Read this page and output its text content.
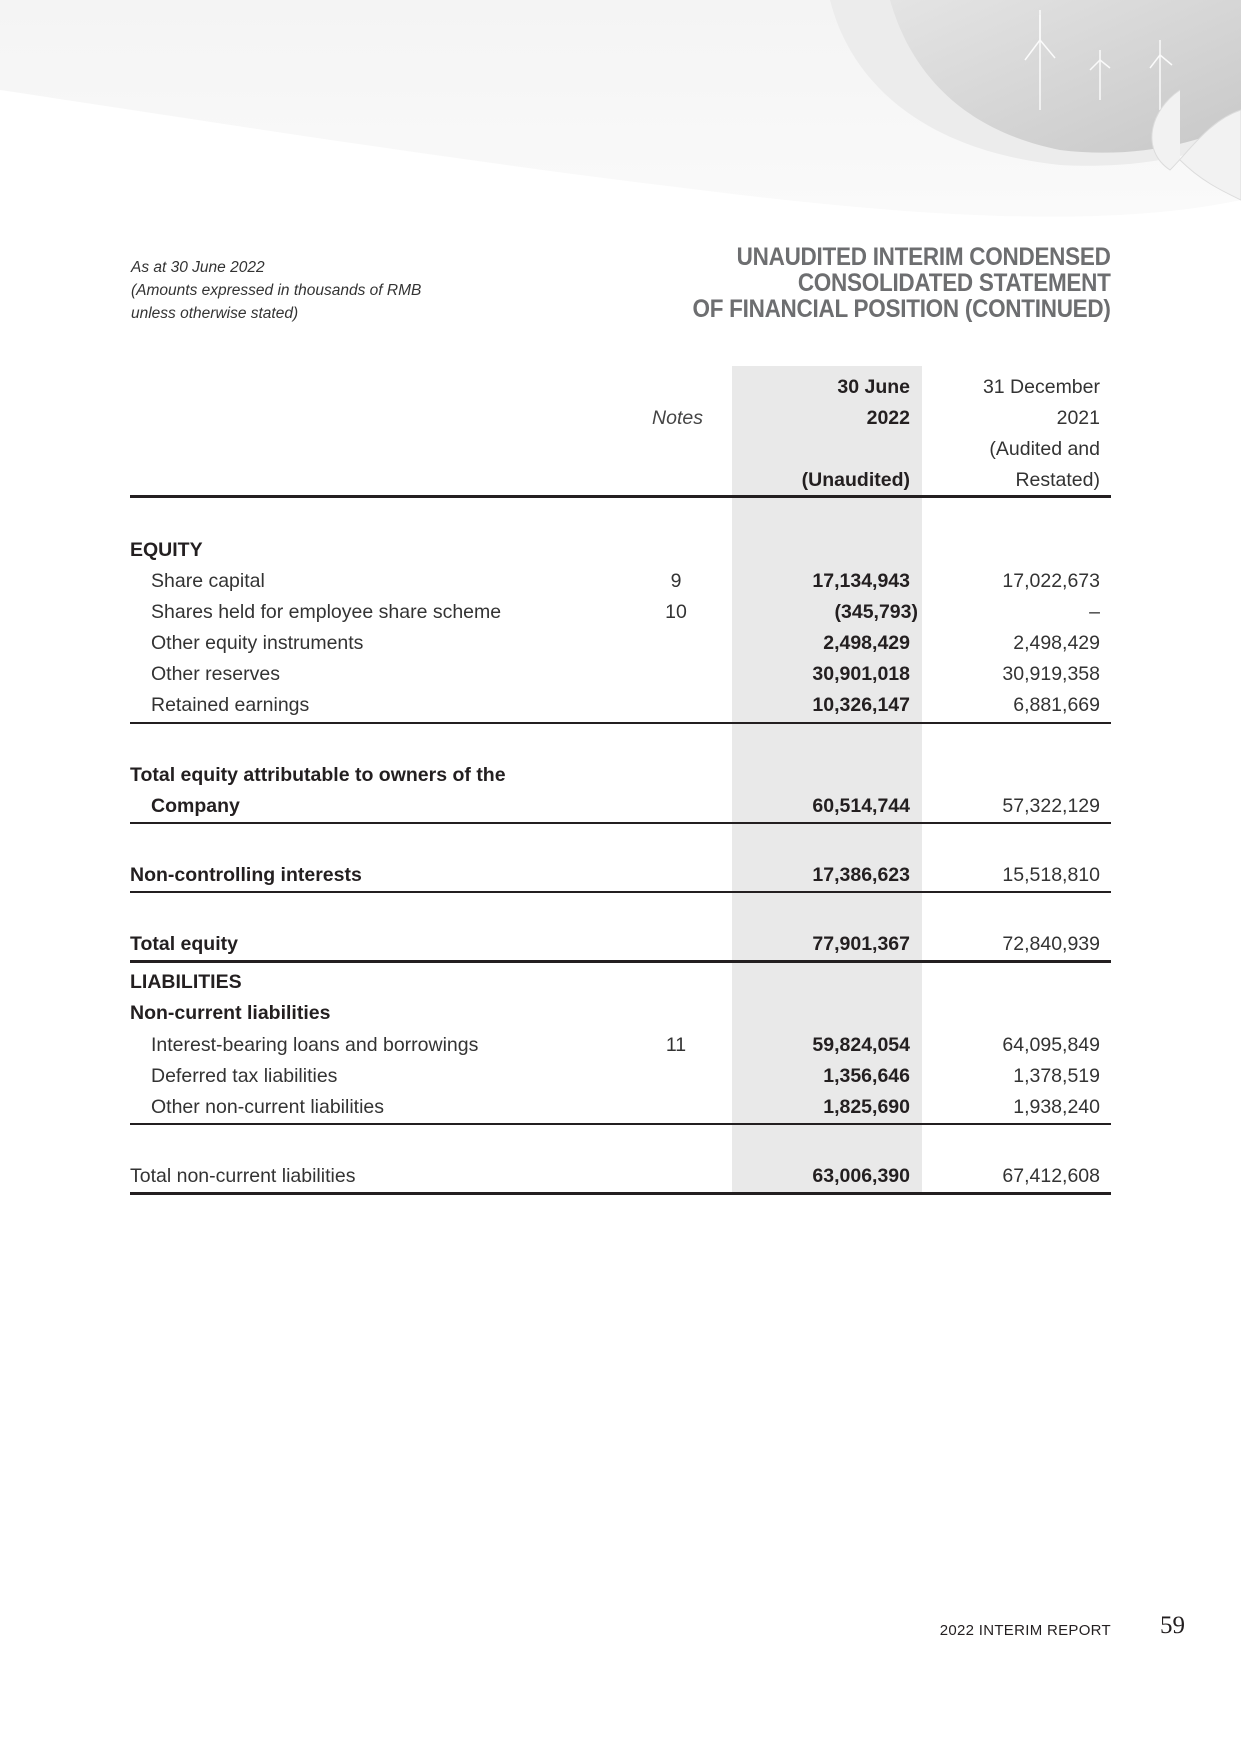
As at 30 June 2022
(Amounts expressed in thousands of RMB
unless otherwise stated)
UNAUDITED INTERIM CONDENSED
CONSOLIDATED STATEMENT
OF FINANCIAL POSITION (CONTINUED)
Notes
30 June
2022

(Unaudited)
31 December
2021
(Audited and
Restated)
EQUITY
Share capital	9	17,134,943	17,022,673
Shares held for employee share scheme	10	(345,793)	–
Other equity instruments	2,498,429	2,498,429
Other reserves	30,901,018	30,919,358
Retained earnings	10,326,147	6,881,669
Total equity attributable to owners of the
Company	60,514,744	57,322,129
Non-controlling interests	17,386,623	15,518,810
Total equity	77,901,367	72,840,939
LIABILITIES
Non-current liabilities
Interest-bearing loans and borrowings	11	59,824,054	64,095,849
Deferred tax liabilities	1,356,646	1,378,519
Other non-current liabilities	1,825,690	1,938,240
Total non-current liabilities	63,006,390	67,412,608
2022 INTERIM REPORT 59
